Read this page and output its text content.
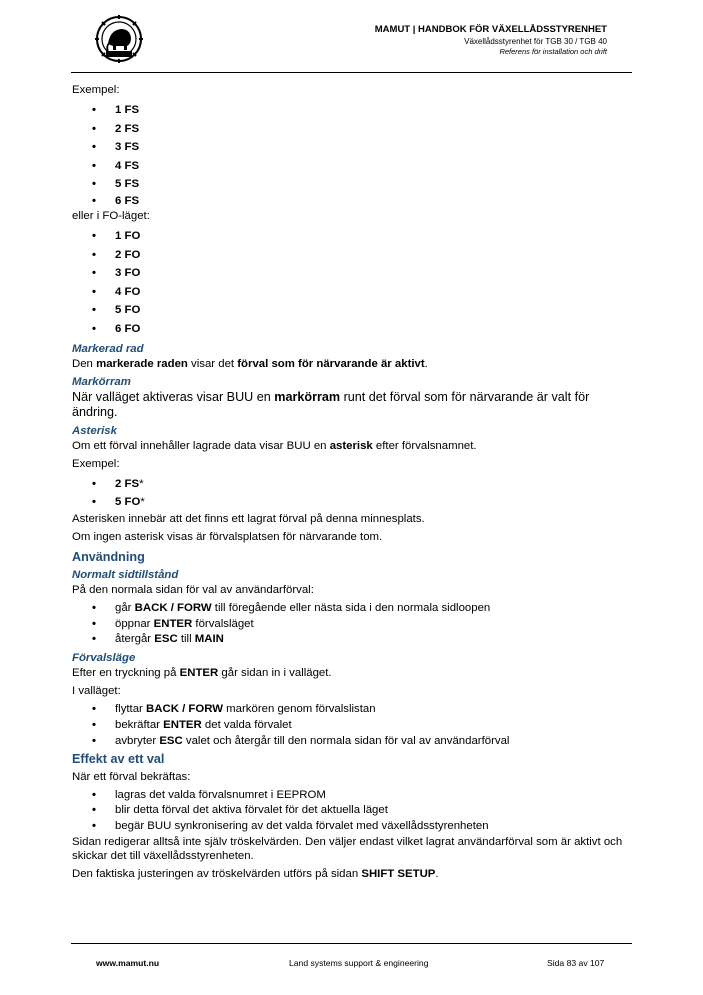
MAMUT | HANDBOK FÖR VÄXELLÅDSSTYRENHET
Växellådsstyrenhet för TGB 30 / TGB 40
Referens för installation och drift

Exempel:

• 1 FS
• 2 FS
• 3 FS
• 4 FS
• 5 FS
• 6 FS

eller i FO-läget:

• 1 FO
• 2 FO
• 3 FO
• 4 FO
• 5 FO
• 6 FO
Markerad rad

Den markerade raden visar det förval som för närvarande är aktivt.

Markörram

När valläget aktiveras visar BUU en markörram runt det förval som för närvarande är valt för ändring.

Asterisk

Om ett förval innehåller lagrade data visar BUU en asterisk efter förvalsnamnet.

Exempel:

• 2 FS*
• 5 FO*

Asterisken innebär att det finns ett lagrat förval på denna minnesplats.

Om ingen asterisk visas är förvalsplatsen för närvarande tom.

Användning
Normalt sidtillstånd

På den normala sidan för val av användarförval:

• går BACK / FORW till föregående eller nästa sida i den normala sidloopen
• öppnar ENTER förvalsläget
• återgår ESC till MAIN
Förvalsläge

Efter en tryckning på ENTER går sidan in i valläget.

I valläget:

• flyttar BACK / FORW markören genom förvalslistan
• bekräftar ENTER det valda förvalet
• avbryter ESC valet och återgår till den normala sidan för val av användarförval
Effekt av ett val

När ett förval bekräftas:

• lagras det valda förvalsnumret i EEPROM
• blir detta förval det aktiva förvalet för det aktuella läget
• begär BUU synkronisering av det valda förvalet med växellådsstyrenheten

Sidan redigerar alltså inte själv tröskelvärden. Den väljer endast vilket lagrat användarförval som är aktivt och skickar det till växellådsstyrenheten.

Den faktiska justeringen av tröskelvärden utförs på sidan SHIFT SETUP.

www.mamut.nu	Land systems support & engineering	Sida 83 av 107
